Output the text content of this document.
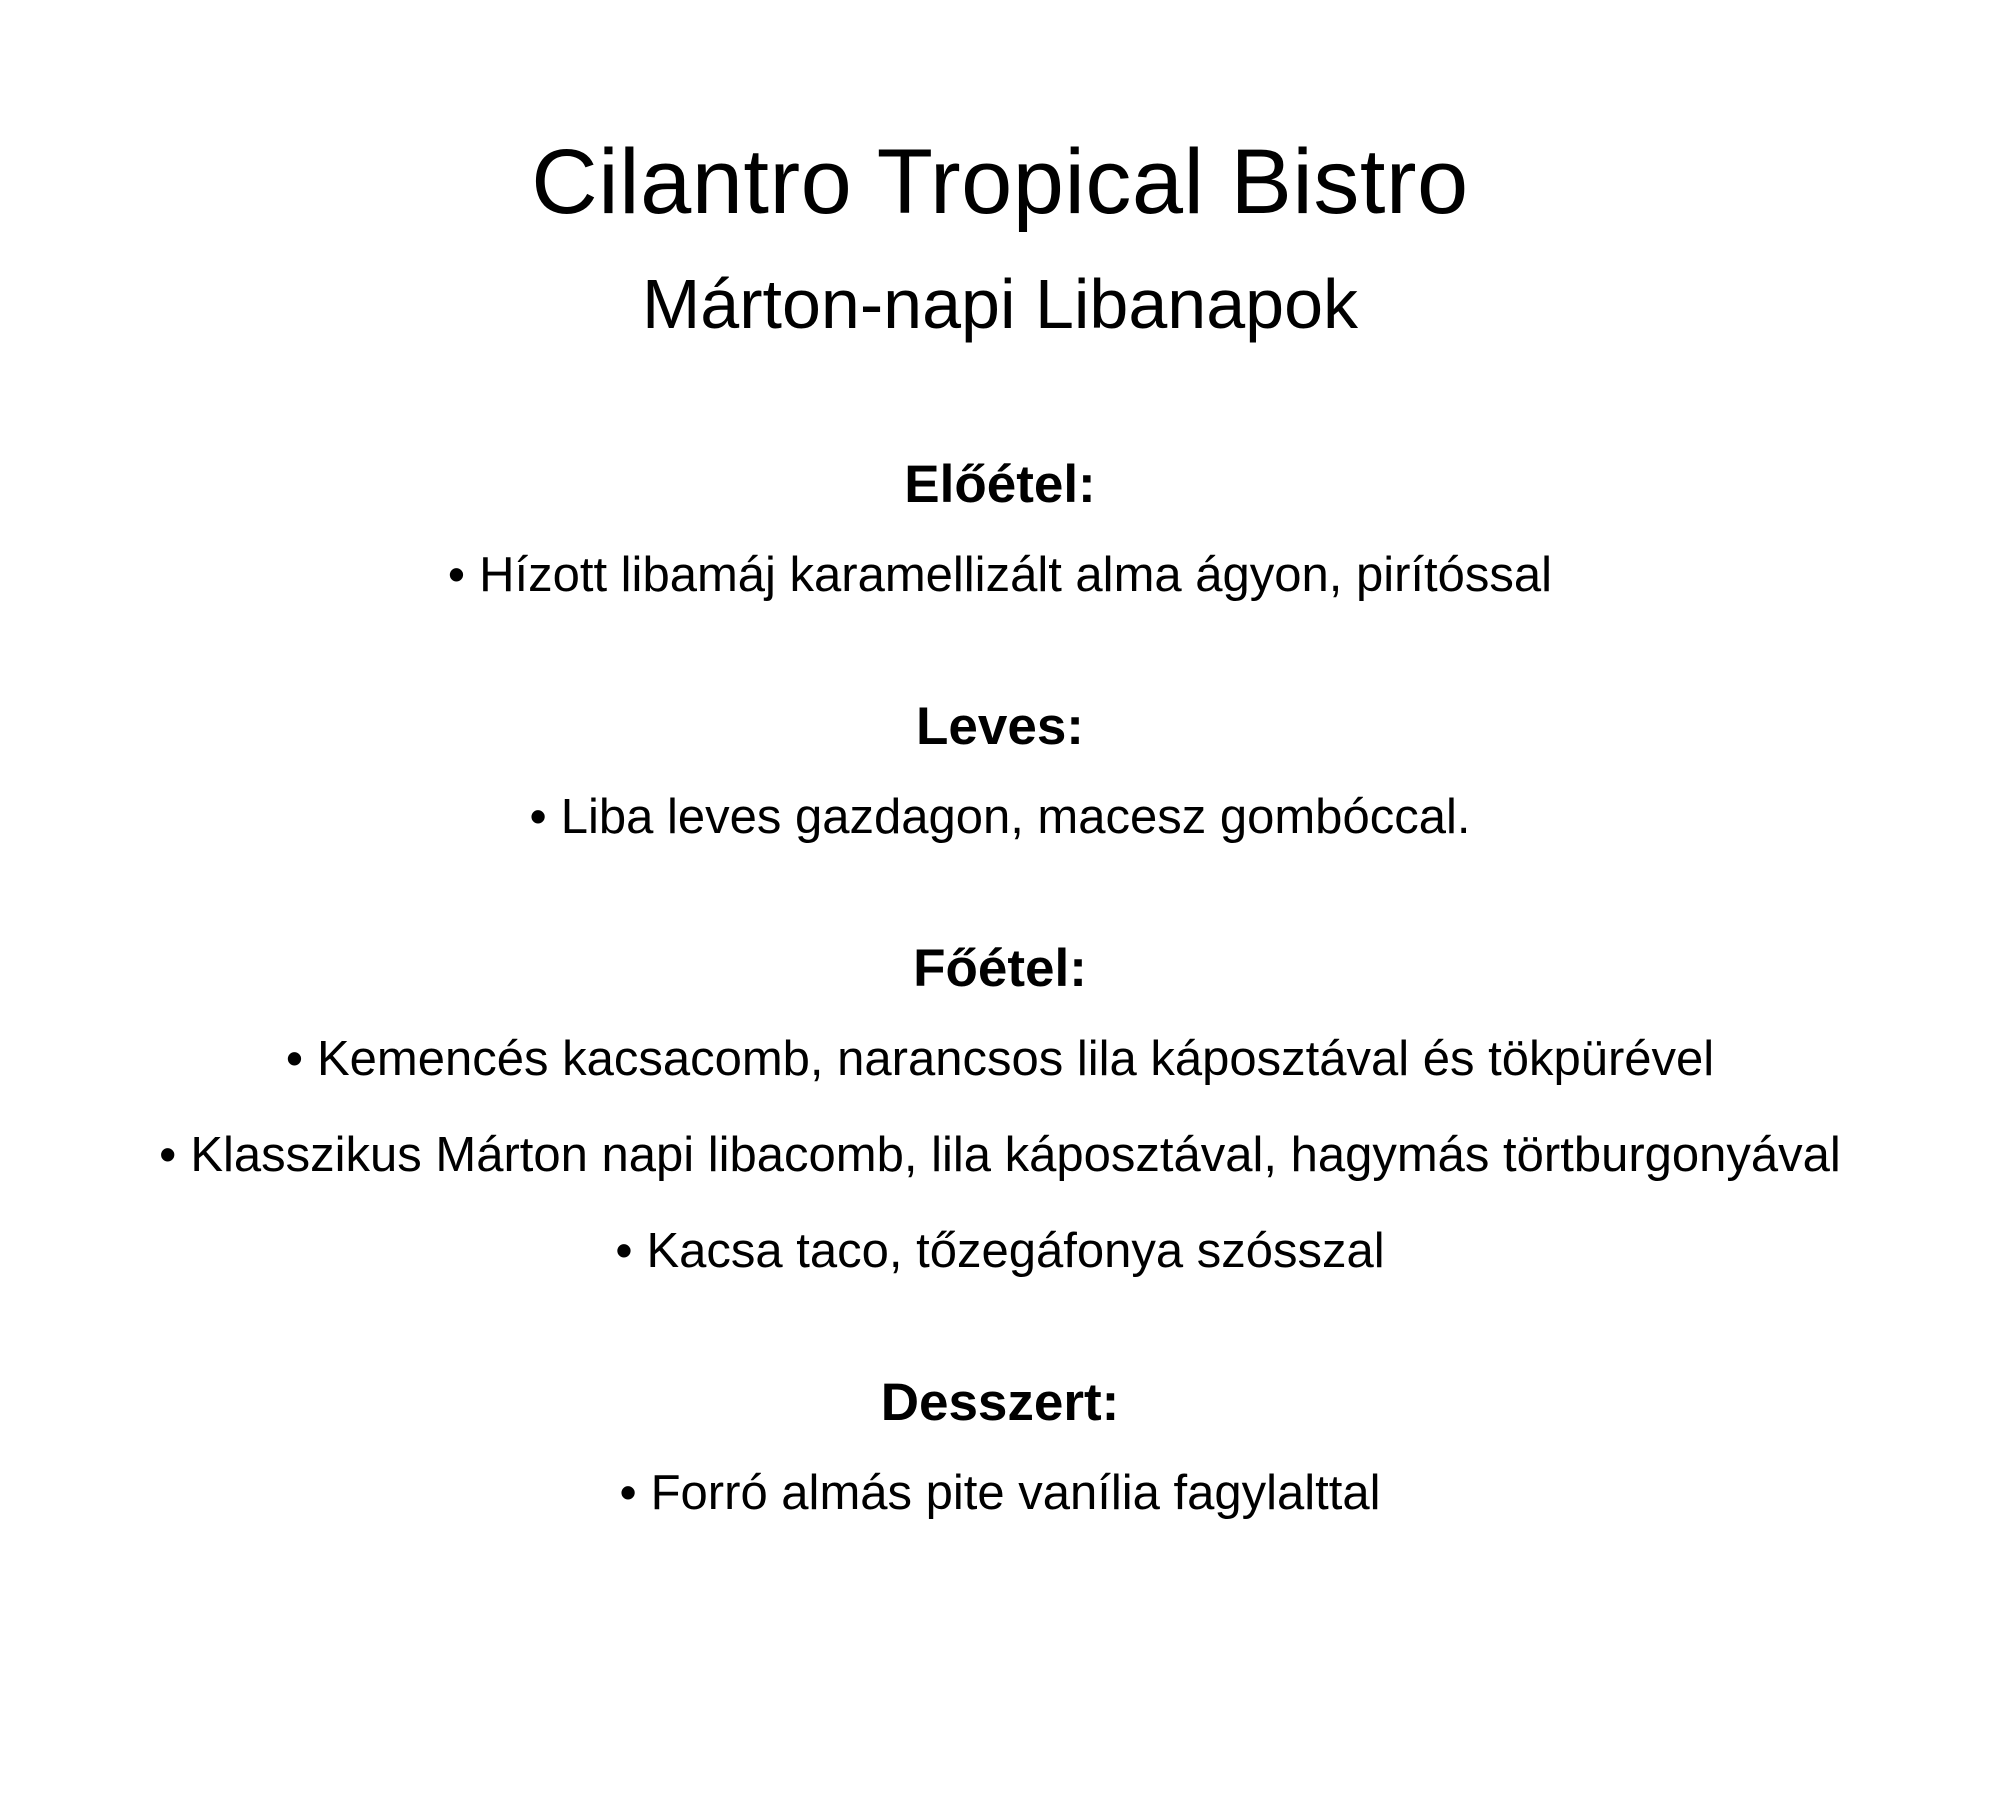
Cilantro Tropical Bistro
Márton-napi Libanapok
Előétel:
• Hízott libamáj karamellizált alma ágyon, pirítóssal
Leves:
• Liba leves gazdagon, macesz gombóccal.
Főétel:
• Kemencés kacsacomb, narancsos lila káposztával és tökpürével
• Klasszikus Márton napi libacomb, lila káposztával, hagymás törtburgonyával
• Kacsa taco, tőzegáfonya szósszal
Desszert:
• Forró almás pite vanília fagylalttal
